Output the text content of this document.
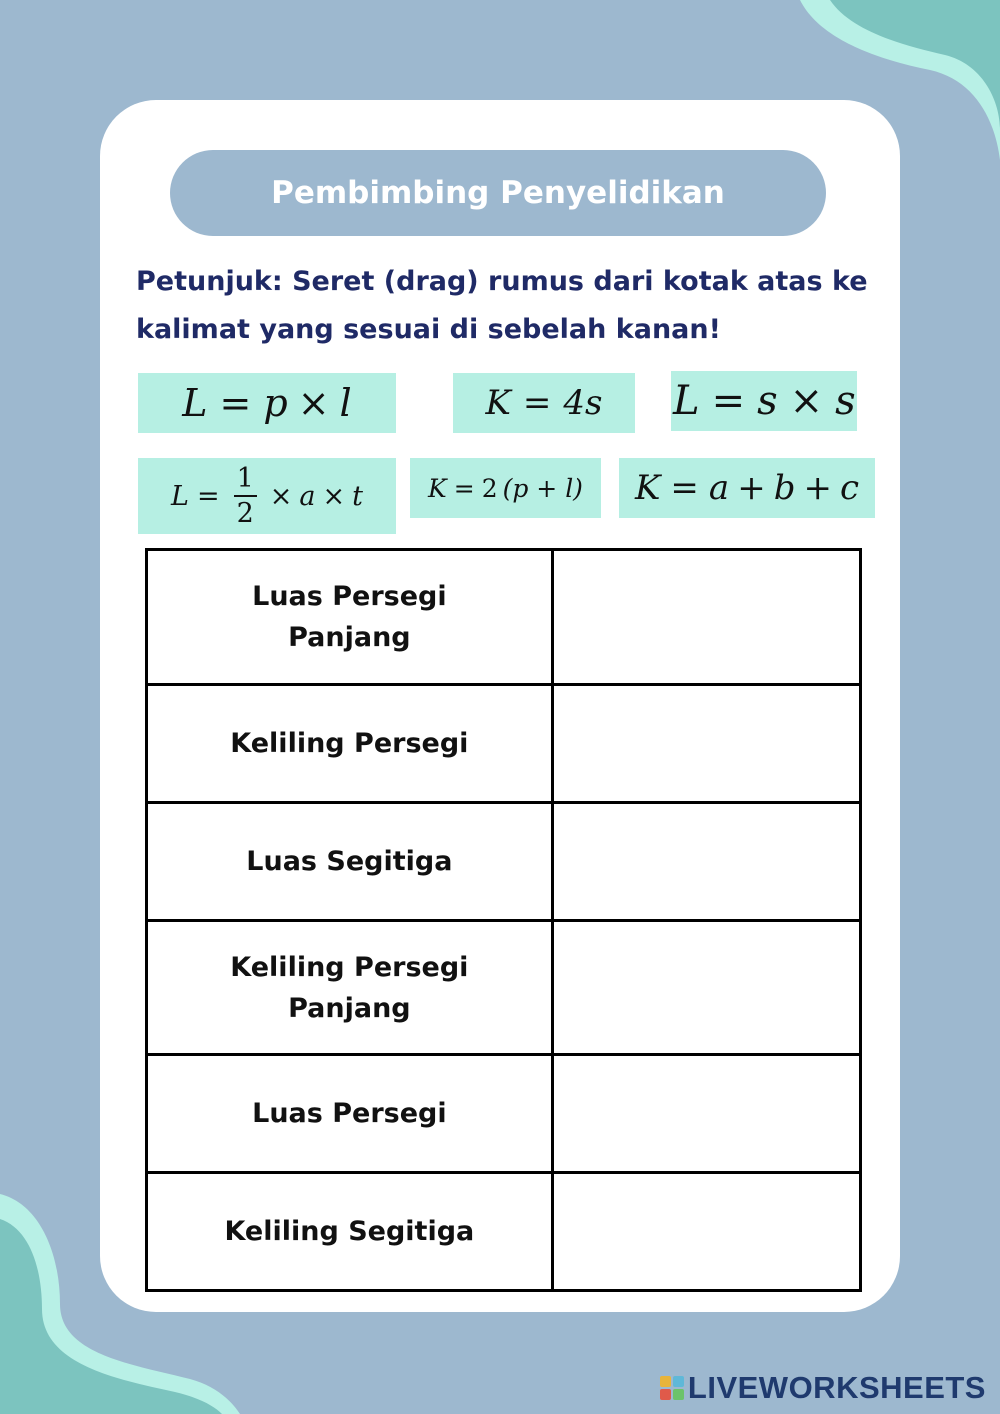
Pembimbing Penyelidikan
Petunjuk: Seret (drag) rumus dari kotak atas ke kalimat yang sesuai di sebelah kanan!
L = p × l	K = 4s L = s × s
$L = \frac{1}{2} \times a \times t$	K = 2 (p + l) K = a + b + c
Luas Persegi Panjang	
Keliling Persegi	
Luas Segitiga	
Keliling Persegi Panjang	
Luas Persegi	
Keliling Segitiga	
LIVEWORKSHEETS
